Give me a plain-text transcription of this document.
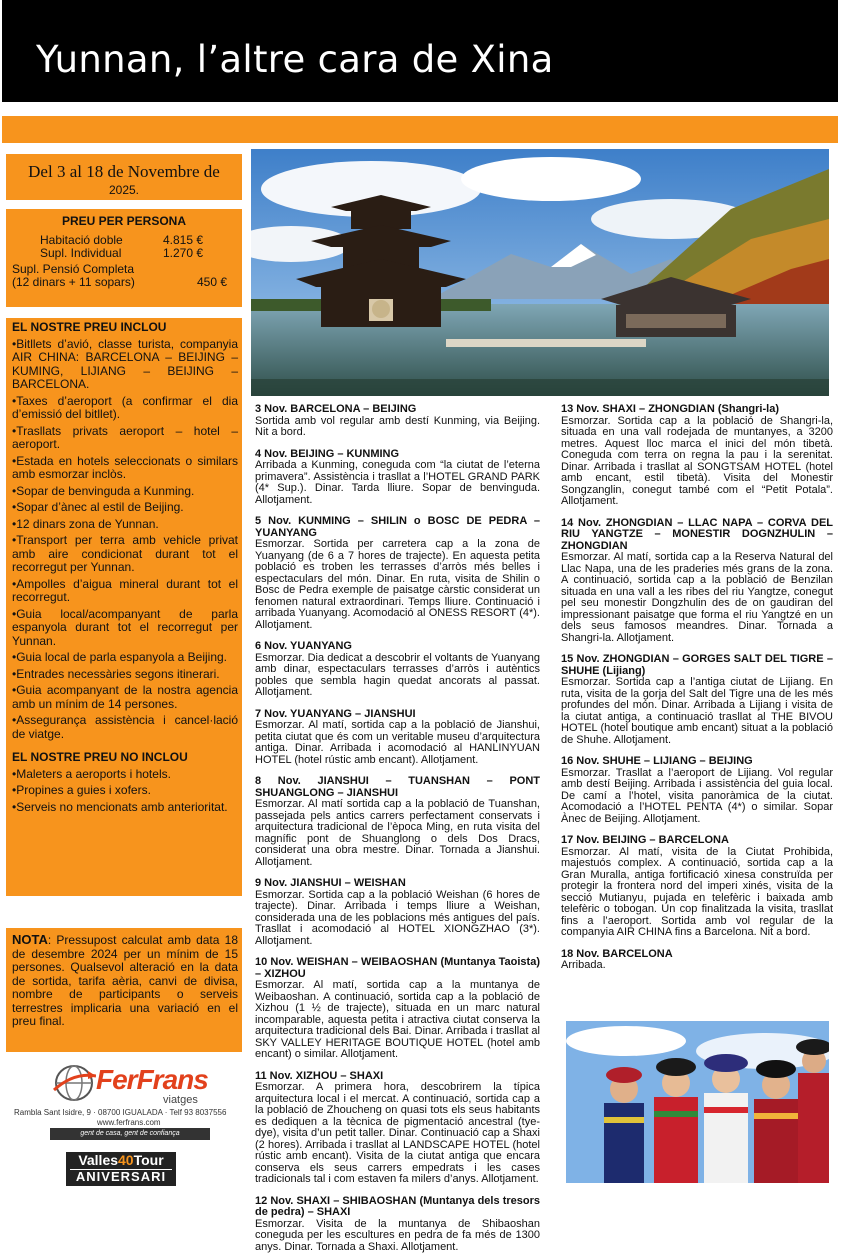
Yunnan, l’altre cara de Xina
Del 3 al 18 de Novembre de
2025.
PREU PER PERSONA
Habitació doble	4.815 €
Supl. Individual	1.270 €
Supl. Pensió Completa
(12 dinars + 11 sopars)	450 €
EL NOSTRE PREU INCLOU

•Bitllets d’avió, classe turista, companyia AIR CHINA: BARCELONA – BEIJING – KUMING, LIJIANG – BEIJING – BARCELONA.

•Taxes d’aeroport (a confirmar el dia d’emissió del bitllet).

•Trasllats privats aeroport – hotel – aeroport.

•Estada en hotels seleccionats o similars amb esmorzar inclòs.

•Sopar de benvinguda a Kunming.

•Sopar d’ànec al estil de Beijing.

•12 dinars zona de Yunnan.

•Transport per terra amb vehicle privat amb aire condicionat durant tot el recorregut per Yunnan.

•Ampolles d’aigua mineral durant tot el recorregut.

•Guia local/acompanyant de parla espanyola durant tot el recorregut per Yunnan.

•Guia local de parla espanyola a Beijing.

•Entrades necessàries segons itinerari.

•Guia acompanyant de la nostra agencia amb un mínim de 14 persones.

•Assegurança assistència i cancel·lació de viatge.

EL NOSTRE PREU NO INCLOU

•Maleters a aeroports i hotels.

•Propines a guies i xofers.

•Serveis no mencionats amb anterioritat.

NOTA: Pressupost calculat amb data 18 de desembre 2024 per un mínim de 15 persones. Qualsevol alteració en la data de sortida, tarifa aèria, canvi de divisa, nombre de participants o serveis terrestres implicaria una variació en el preu final.
FerFrans
viatges
Rambla Sant Isidre, 9 · 08700 IGUALADA · Telf 93 8037556
www.ferfrans.com
gent de casa, gent de confiança
Valles40Tour
ANIVERSARI

3 Nov. BARCELONA – BEIJING
Sortida amb vol regular amb destí Kunming, via Beijing. Nit a bord.

4 Nov. BEIJING – KUNMING
Arribada a Kunming, coneguda com “la ciutat de l’eterna primavera”. Assistència i trasllat a l’HOTEL GRAND PARK (4* Sup.). Dinar. Tarda lliure. Sopar de benvinguda. Allotjament.

5 Nov. KUNMING – SHILIN o BOSC DE PEDRA – YUANYANG
Esmorzar. Sortida per carretera cap a la zona de Yuanyang (de 6 a 7 hores de trajecte). En aquesta petita població es troben les terrasses d’arròs més belles i espectaculars del món. Dinar. En ruta, visita de Shilin o Bosc de Pedra exemple de paisatge càrstic considerat un fenomen natural extraordinari. Temps lliure. Continuació i arribada Yuanyang. Acomodació al ONESS RESORT (4*). Allotjament.

6 Nov. YUANYANG
Esmorzar. Dia dedicat a descobrir el voltants de Yuanyang amb dinar, espectaculars terrasses d’arròs i autèntics pobles que sembla hagin quedat ancorats al passat. Allotjament.

7 Nov. YUANYANG – JIANSHUI
Esmorzar. Al matí, sortida cap a la població de Jianshui, petita ciutat que és com un veritable museu d’arquitectura antiga. Dinar. Arribada i acomodació al HANLINYUAN HOTEL (hotel rústic amb encant). Allotjament.

8 Nov. JIANSHUI – TUANSHAN – PONT SHUANGLONG – JIANSHUI
Esmorzar. Al matí sortida cap a la població de Tuanshan, passejada pels antics carrers perfectament conservats i arquitectura tradicional de l’època Ming, en ruta visita del magnífic pont de Shuanglong o dels Dos Dracs, considerat una obra mestre. Dinar. Tornada a Jianshui. Allotjament.

9 Nov. JIANSHUI – WEISHAN
Esmorzar. Sortida cap a la població Weishan (6 hores de trajecte). Dinar. Arribada i temps lliure a Weishan, considerada una de les poblacions més antigues del país. Trasllat i acomodació al HOTEL XIONGZHAO (3*). Allotjament.

10 Nov. WEISHAN – WEIBAOSHAN (Muntanya Taoista) – XIZHOU
Esmorzar. Al matí, sortida cap a la muntanya de Weibaoshan. A continuació, sortida cap a la població de Xizhou (1 ½ de trajecte), situada en un marc natural incomparable, aquesta petita i atractiva ciutat conserva la arquitectura tradicional dels Bai. Dinar. Arribada i trasllat al SKY VALLEY HERITAGE BOUTIQUE HOTEL (hotel amb encant) o similar. Allotjament.

11 Nov. XIZHOU – SHAXI
Esmorzar. A primera hora, descobrirem la típica arquitectura local i el mercat. A continuació, sortida cap a la població de Zhoucheng on quasi tots els seus habitants es dediquen a la tècnica de pigmentació ancestral (tye-dye), visita d’un petit taller. Dinar. Continuació cap a Shaxi (2 hores). Arribada i trasllat al LANDSCAPE HOTEL (hotel rústic amb encant). Visita de la ciutat antiga que encara conserva els seus carrers empedrats i les cases tradicionals tal i com estaven fa milers d’anys. Allotjament.

12 Nov. SHAXI – SHIBAOSHAN (Muntanya dels tresors de pedra) – SHAXI
Esmorzar. Visita de la muntanya de Shibaoshan coneguda per les escultures en pedra de fa més de 1300 anys. Dinar. Tornada a Shaxi. Allotjament.

13 Nov. SHAXI – ZHONGDIAN (Shangri-la)
Esmorzar. Sortida cap a la població de Shangri-la, situada en una vall rodejada de muntanyes, a 3200 metres. Aquest lloc marca el inici del món tibetà. Coneguda com terra on regna la pau i la serenitat. Dinar. Arribada i trasllat al SONGTSAM HOTEL (hotel amb encant, estil tibetà). Visita del Monestir Songzanglin, conegut també com el “Petit Potala”. Allotjament.

14 Nov. ZHONGDIAN – LLAC NAPA – CORVA DEL RIU YANGTZE – MONESTIR DOGNZHULIN – ZHONGDIAN
Esmorzar. Al matí, sortida cap a la Reserva Natural del Llac Napa, una de les praderies més grans de la zona. A continuació, sortida cap a la població de Benzilan situada en una vall a les ribes del riu Yangtze, conegut pel seu monestir Dongzhulin des de on gaudiran del impressionant paisatge que forma el riu Yangtzé en un dels seus famosos meandres. Dinar. Tornada a Shangri-la. Allotjament.

15 Nov. ZHONGDIAN – GORGES SALT DEL TIGRE – SHUHE (Lijiang)
Esmorzar. Sortida cap a l’antiga ciutat de Lijiang. En ruta, visita de la gorja del Salt del Tigre una de les més profundes del món. Dinar. Arribada a Lijiang i visita de la ciutat antiga, a continuació trasllat al THE BIVOU HOTEL (hotel boutique amb encant) situat a la població de Shuhe. Allotjament.

16 Nov. SHUHE – LIJIANG – BEIJING
Esmorzar. Trasllat a l’aeroport de Lijiang. Vol regular amb destí Beijing. Arribada i assistència del guia local. De camí a l’hotel, visita panoràmica de la ciutat. Acomodació a l’HOTEL PENTA (4*) o similar. Sopar Ànec de Beijing. Allotjament.

17 Nov. BEIJING – BARCELONA
Esmorzar. Al matí, visita de la Ciutat Prohibida, majestuós complex. A continuació, sortida cap a la Gran Muralla, antiga fortificació xinesa construïda per protegir la frontera nord del imperi xinés, visita de la secció Mutianyu, pujada en telefèric i baixada amb telefèric o tobogan. Un cop finalitzada la visita, trasllat fins a l’aeroport. Sortida amb vol regular de la companyia AIR CHINA fins a Barcelona. Nit a bord.

18 Nov. BARCELONA
Arribada.
